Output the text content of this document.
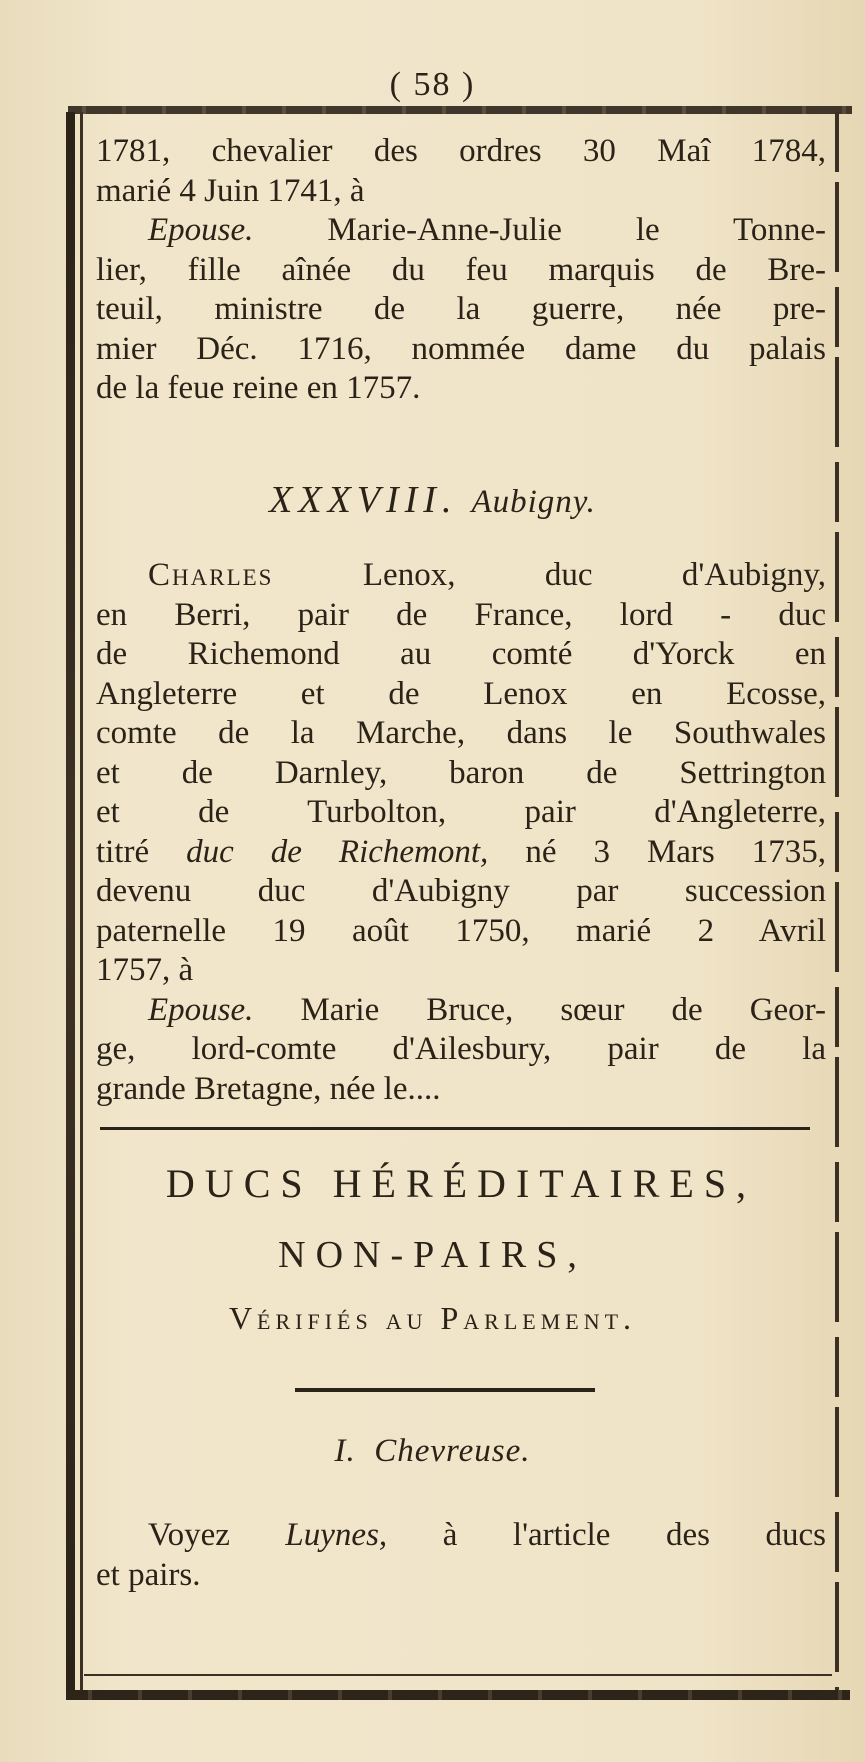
( 58 )
1781, chevalier des ordres 30 Maî 1784,
marié 4 Juin 1741, à
Epouse. Marie-Anne-Julie le Tonne-
lier, fille aînée du feu marquis de Bre-
teuil, ministre de la guerre, née pre-
mier Déc. 1716, nommée dame du palais
de la feue reine en 1757.
XXXVIII. Aubigny.
Charles	Lenox, duc d'Aubigny,
en Berri, pair de France, lord - duc
de Richemond au comté d'Yorck en
Angleterre et de Lenox en Ecosse,
comte de la Marche, dans le Southwales
et de Darnley, baron de Settrington
et de Turbolton, pair d'Angleterre,
titré duc de Richemont, né 3 Mars 1735,
devenu duc d'Aubigny par succession
paternelle 19 août 1750, marié 2 Avril
1757, à
Epouse. Marie Bruce, sœur de Geor-
ge, lord-comte d'Ailesbury, pair de la
grande Bretagne, née le....
DUCS HÉRÉDITAIRES,
NON-PAIRS,
Vérifiés au Parlement.
I. Chevreuse.
Voyez Luynes, à l'article des ducs
et pairs.
